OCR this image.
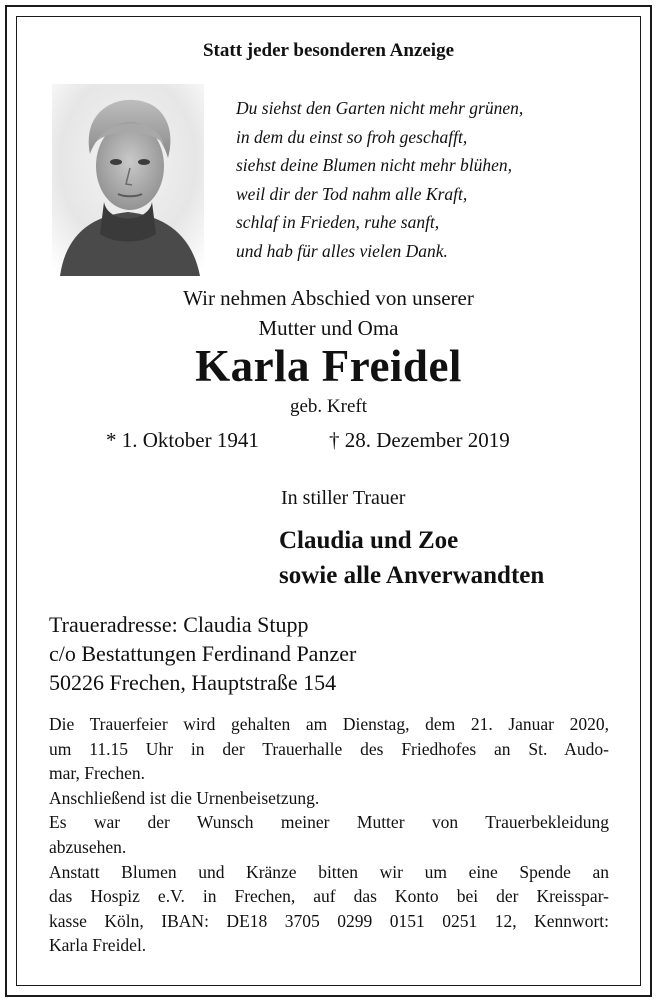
Statt jeder besonderen Anzeige
Du siehst den Garten nicht mehr grünen,
in dem du einst so froh geschafft,
siehst deine Blumen nicht mehr blühen,
weil dir der Tod nahm alle Kraft,
schlaf in Frieden, ruhe sanft,
und hab für alles vielen Dank.
Wir nehmen Abschied von unserer
Mutter und Oma
Karla Freidel
geb. Kreft
* 1. Oktober 1941	† 28. Dezember 2019
In stiller Trauer
Claudia und Zoe
sowie alle Anverwandten
Traueradresse: Claudia Stupp
c/o Bestattungen Ferdinand Panzer
50226 Frechen, Hauptstraße 154
Die Trauerfeier wird gehalten am Dienstag, dem 21. Januar 2020,
um 11.15 Uhr in der Trauerhalle des Friedhofes an St. Audo-
mar, Frechen.
Anschließend ist die Urnenbeisetzung.
Es war der Wunsch meiner Mutter von Trauerbekleidung
abzusehen.
Anstatt Blumen und Kränze bitten wir um eine Spende an
das Hospiz e.V. in Frechen, auf das Konto bei der Kreisspar-
kasse Köln, IBAN: DE18 3705 0299 0151 0251 12, Kennwort:
Karla Freidel.
